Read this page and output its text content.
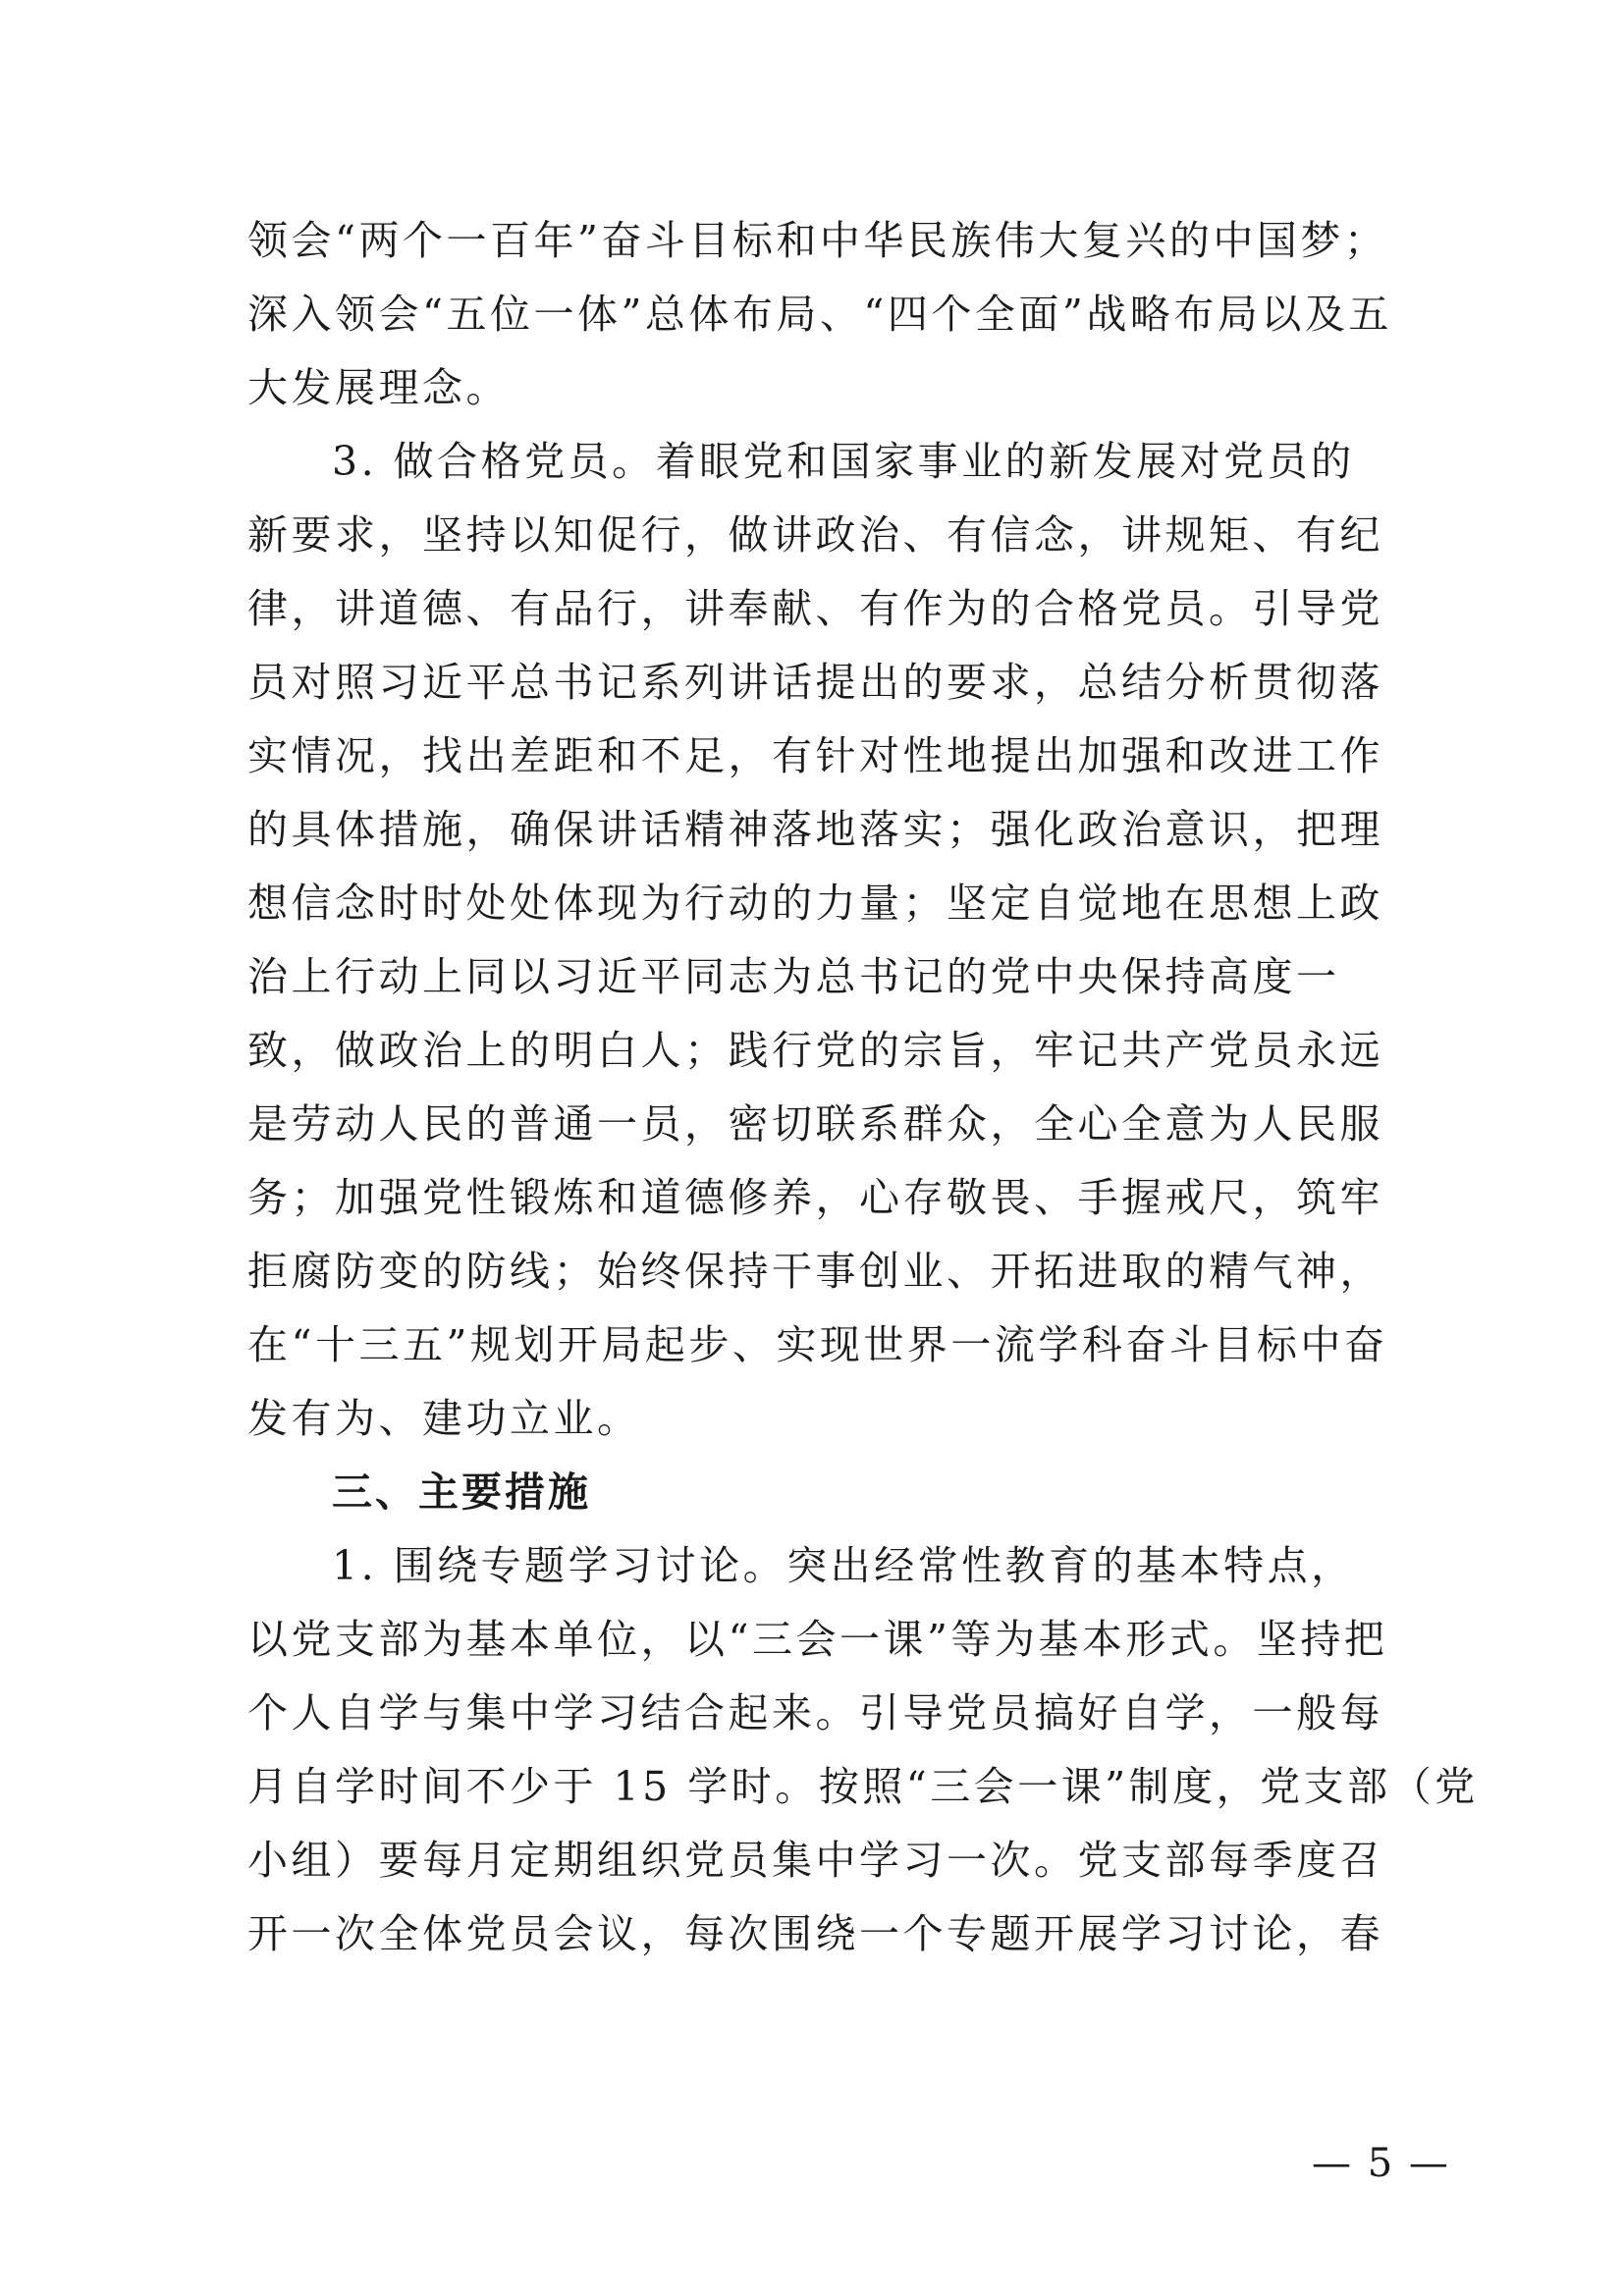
领会“两个一百年”奋斗目标和中华民族伟大复兴的中国梦；
深入领会“五位一体”总体布局、“四个全面”战略布局以及五
大发展理念。
3. 做合格党员。着眼党和国家事业的新发展对党员的
新要求，坚持以知促行，做讲政治、有信念，讲规矩、有纪
律，讲道德、有品行，讲奉献、有作为的合格党员。引导党
员对照习近平总书记系列讲话提出的要求，总结分析贯彻落
实情况，找出差距和不足，有针对性地提出加强和改进工作
的具体措施，确保讲话精神落地落实；强化政治意识，把理
想信念时时处处体现为行动的力量；坚定自觉地在思想上政
治上行动上同以习近平同志为总书记的党中央保持高度一
致，做政治上的明白人；践行党的宗旨，牢记共产党员永远
是劳动人民的普通一员，密切联系群众，全心全意为人民服
务；加强党性锻炼和道德修养，心存敬畏、手握戒尺，筑牢
拒腐防变的防线；始终保持干事创业、开拓进取的精气神，
在“十三五”规划开局起步、实现世界一流学科奋斗目标中奋
发有为、建功立业。
三、主要措施
1. 围绕专题学习讨论。突出经常性教育的基本特点，
以党支部为基本单位，以“三会一课”等为基本形式。坚持把
个人自学与集中学习结合起来。引导党员搞好自学，一般每
月自学时间不少于 15 学时。按照“三会一课”制度，党支部（党
小组）要每月定期组织党员集中学习一次。党支部每季度召
开一次全体党员会议，每次围绕一个专题开展学习讨论，春
— 5 —
